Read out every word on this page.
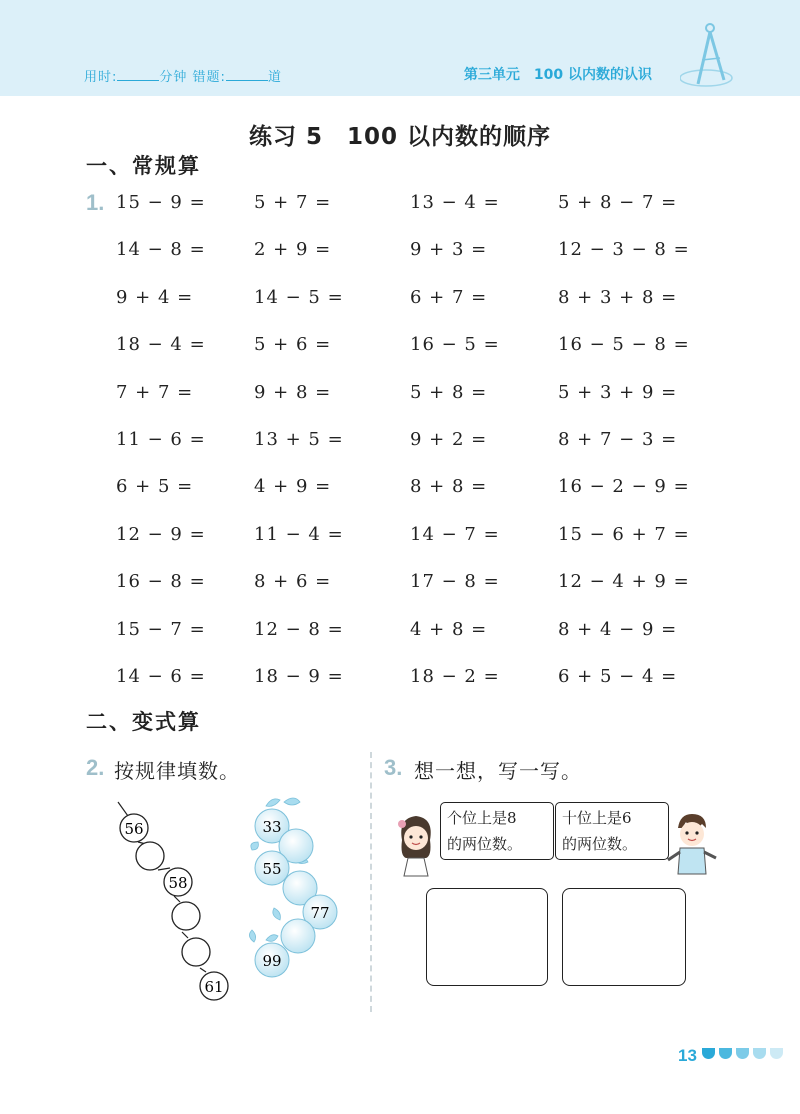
用时:	分钟 错题:	道	第三单元　100 以内数的认识
练习 5　100 以内数的顺序
一、常规算
1. 15 − 9 =	5 + 7 =	13 − 4 =	5 + 8 − 7 =
14 − 8 =	2 + 9 =	9 + 3 =	12 − 3 − 8 =
9 + 4 =	14 − 5 =	6 + 7 =	8 + 3 + 8 =
18 − 4 =	5 + 6 =	16 − 5 =	16 − 5 − 8 =
7 + 7 =	9 + 8 =	5 + 8 =	5 + 3 + 9 =
11 − 6 =	13 + 5 =	9 + 2 =	8 + 7 − 3 =
6 + 5 =	4 + 9 =	8 + 8 =	16 − 2 − 9 =
12 − 9 =	11 − 4 =	14 − 7 =	15 − 6 + 7 =
16 − 8 =	8 + 6 =	17 − 8 =	12 − 4 + 9 =
15 − 7 =	12 − 8 =	4 + 8 =	8 + 4 − 9 =
14 − 6 =	18 − 9 =	18 − 2 =	6 + 5 − 4 =
二、变式算
2. 按规律填数。
56
58
61
33
55
77
99
3. 想一想，写一写。
个位上是8
的两位数。
十位上是6
的两位数。
13
